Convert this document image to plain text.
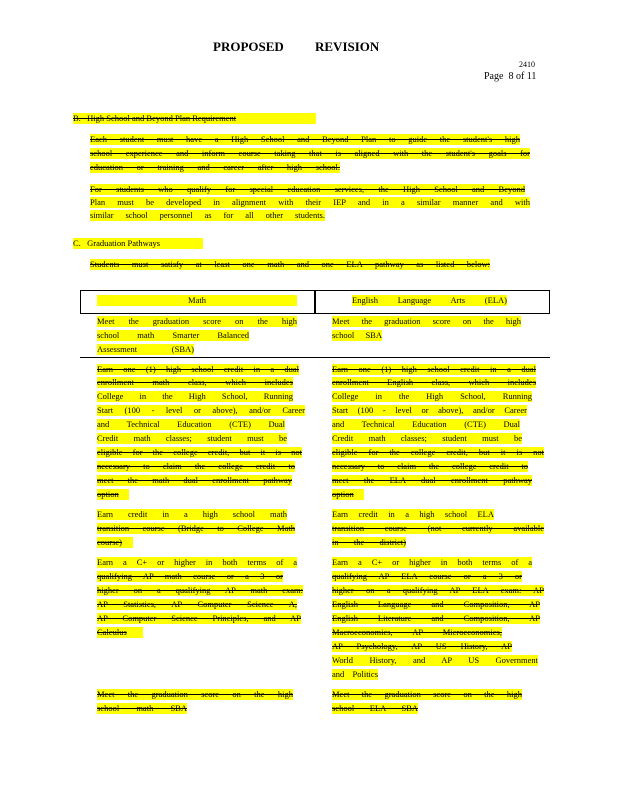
PROPOSED REVISION
2410
Page  8 of 11
B.   High School and Beyond Plan Requirement
Each student must have a High School and Beyond Plan to guide the student's high
school experience and inform course taking that is aligned with the student's goals for
education or training and career after high school.
For students who qualify for special education services, the High School and Beyond
Plan must be developed in alignment with their IEP and in a similar manner and with
similar school personnel as for all other students.
C.   Graduation Pathways
Students must satisfy at least one math and one ELA pathway as listed below:
Math	English Language Arts (ELA)
Meet the graduation score on the high
school math Smarter Balanced
Assessment (SBA)
Meet the graduation score on the high
school SBA
Earn one (1) high school credit in a dual
enrollment math class, which includes
College in the High School, Running
Start (100 - level or above), and/or Career
and Technical Education (CTE) Dual
Credit math classes; student must be
eligible for the college credit, but it is not
necessary to claim the college credit to
meet the math dual enrollment pathway
option
Earn one (1) high school credit in a dual
enrollment English class, which includes
College in the High School, Running
Start (100 - level or above), and/or Career
and Technical Education (CTE) Dual
Credit math classes; student must be
eligible for the college credit, but it is not
necessary to claim the college credit to
meet the ELA dual enrollment pathway
option
Earn credit in a high school math
transition course (Bridge to College Math
course)
Earn credit in a high school ELA
transition course (not currently available
in the district)
Earn a C+ or higher in both terms of a
qualifying AP math course or a 3 or
higher on a qualifying AP math exam:
AP Statistics, AP Computer Science A,
AP Computer Science Principles, and AP
Calculus
Earn a C+ or higher in both terms of a
qualifying AP ELA course or a 3 or
higher on a qualifying AP ELA exam: AP
English Language and Composition, AP
English Literature and Composition, AP
Macroeconomics, AP Microeconomics,
AP Psychology, AP US History, AP
World History, and AP US Government
and Politics
Meet the graduation score on the high
school math SBA
Meet the graduation score on the high
school ELA SBA
